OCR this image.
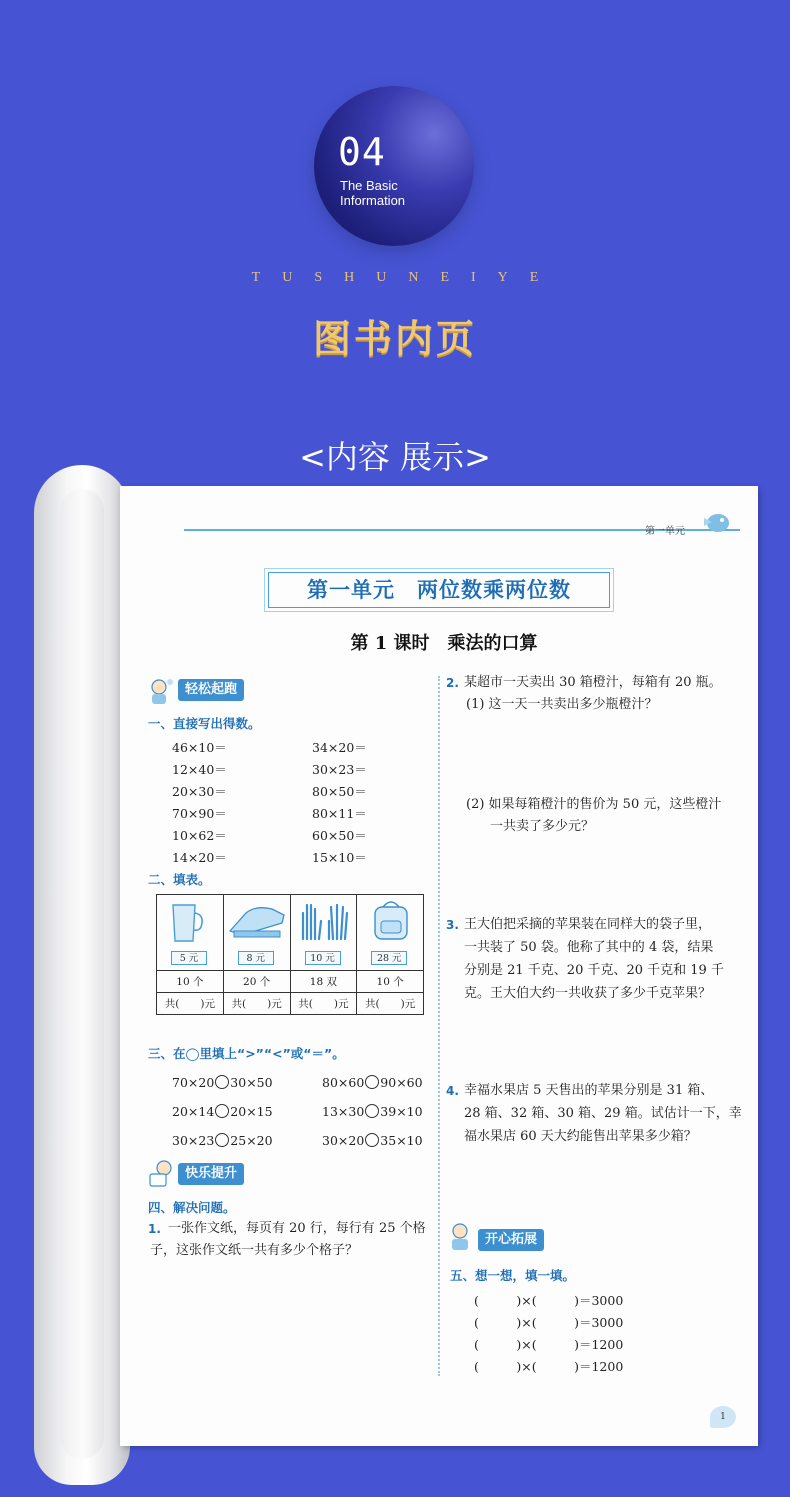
04
The Basic
Information
TUSHUNEIYE
图书内页
<内容 展示>
第一单元
第一单元　两位数乘两位数
第 1 课时　乘法的口算
轻松起跑
一、直接写出得数。
46×10＝	34×20＝
12×40＝	30×23＝
20×30＝	80×50＝
70×90＝	80×11＝
10×62＝	60×50＝
14×20＝	15×10＝
二、填表。
5 元	8 元	10 元	28 元

10 个	20 个	18 双	10 个
共(　　)元	共(　　)元	共(　　)元	共(　　)元
三、在◯里填上“>”“<”或“＝”。
70×20 30×50	80×60 90×60
20×14 20×15	13×30 39×10
30×23 25×20	30×20 35×10
快乐提升
四、解决问题。
1. 一张作文纸，每页有 20 行，每行有 25 个格
子，这张作文纸一共有多少个格子？
2. 某超市一天卖出 30 箱橙汁，每箱有 20 瓶。
(1) 这一天一共卖出多少瓶橙汁？
(2) 如果每箱橙汁的售价为 50 元，这些橙汁
一共卖了多少元？
3. 王大伯把采摘的苹果装在同样大的袋子里，
一共装了 50 袋。他称了其中的 4 袋，结果
分别是 21 千克、20 千克、20 千克和 19 千
克。王大伯大约一共收获了多少千克苹果？
4. 幸福水果店 5 天售出的苹果分别是 31 箱、
28 箱、32 箱、30 箱、29 箱。试估计一下，幸
福水果店 60 天大约能售出苹果多少箱？
开心拓展
五、想一想，填一填。
(　　　)×(　　　)＝3000
(　　　)×(　　　)＝3000
(　　　)×(　　　)＝1200
(　　　)×(　　　)＝1200
1
